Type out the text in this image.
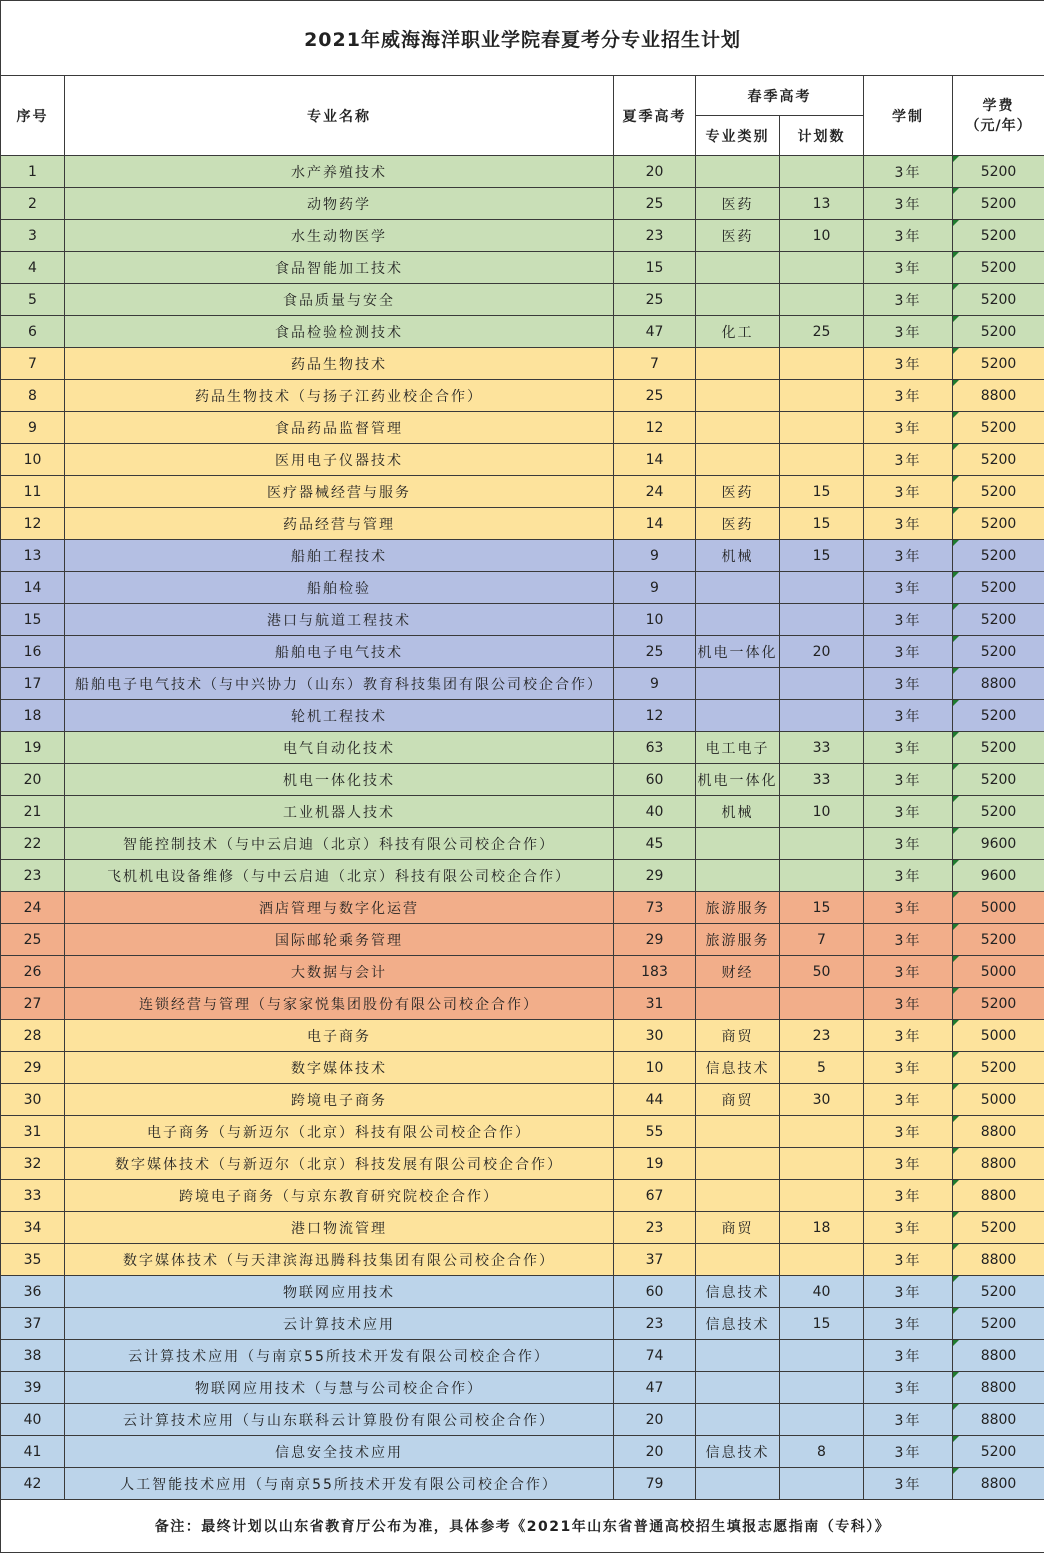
2021年威海海洋职业学院春夏考分专业招生计划						
序号	专业名称	夏季高考	春季高考		学制	学费
（元/年）

			专业类别	计划数		
1	水产养殖技术	20			3年	5200
2	动物药学	25	医药	13	3年	5200
3	水生动物医学	23	医药	10	3年	5200
4	食品智能加工技术	15			3年	5200
5	食品质量与安全	25			3年	5200
6	食品检验检测技术	47	化工	25	3年	5200
7	药品生物技术	7			3年	5200
8	药品生物技术（与扬子江药业校企合作）	25			3年	8800
9	食品药品监督管理	12			3年	5200
10	医用电子仪器技术	14			3年	5200
11	医疗器械经营与服务	24	医药	15	3年	5200
12	药品经营与管理	14	医药	15	3年	5200
13	船舶工程技术	9	机械	15	3年	5200
14	船舶检验	9			3年	5200
15	港口与航道工程技术	10			3年	5200
16	船舶电子电气技术	25	机电一体化	20	3年	5200
17	船舶电子电气技术（与中兴协力（山东）教育科技集团有限公司校企合作）	9			3年	8800
18	轮机工程技术	12			3年	5200
19	电气自动化技术	63	电工电子	33	3年	5200
20	机电一体化技术	60	机电一体化	33	3年	5200
21	工业机器人技术	40	机械	10	3年	5200
22	智能控制技术（与中云启迪（北京）科技有限公司校企合作）	45			3年	9600
23	飞机机电设备维修（与中云启迪（北京）科技有限公司校企合作）	29			3年	9600
24	酒店管理与数字化运营	73	旅游服务	15	3年	5000
25	国际邮轮乘务管理	29	旅游服务	7	3年	5200
26	大数据与会计	183	财经	50	3年	5000
27	连锁经营与管理（与家家悦集团股份有限公司校企合作）	31			3年	5200
28	电子商务	30	商贸	23	3年	5000
29	数字媒体技术	10	信息技术	5	3年	5200
30	跨境电子商务	44	商贸	30	3年	5000
31	电子商务（与新迈尔（北京）科技有限公司校企合作）	55			3年	8800
32	数字媒体技术（与新迈尔（北京）科技发展有限公司校企合作）	19			3年	8800
33	跨境电子商务（与京东教育研究院校企合作）	67			3年	8800
34	港口物流管理	23	商贸	18	3年	5200
35	数字媒体技术（与天津滨海迅腾科技集团有限公司校企合作）	37			3年	8800
36	物联网应用技术	60	信息技术	40	3年	5200
37	云计算技术应用	23	信息技术	15	3年	5200
38	云计算技术应用（与南京55所技术开发有限公司校企合作）	74			3年	8800
39	物联网应用技术（与慧与公司校企合作）	47			3年	8800
40	云计算技术应用（与山东联科云计算股份有限公司校企合作）	20			3年	8800
41	信息安全技术应用	20	信息技术	8	3年	5200
42	人工智能技术应用（与南京55所技术开发有限公司校企合作）	79			3年	8800
备注：最终计划以山东省教育厅公布为准，具体参考《2021年山东省普通高校招生填报志愿指南（专科）》						
